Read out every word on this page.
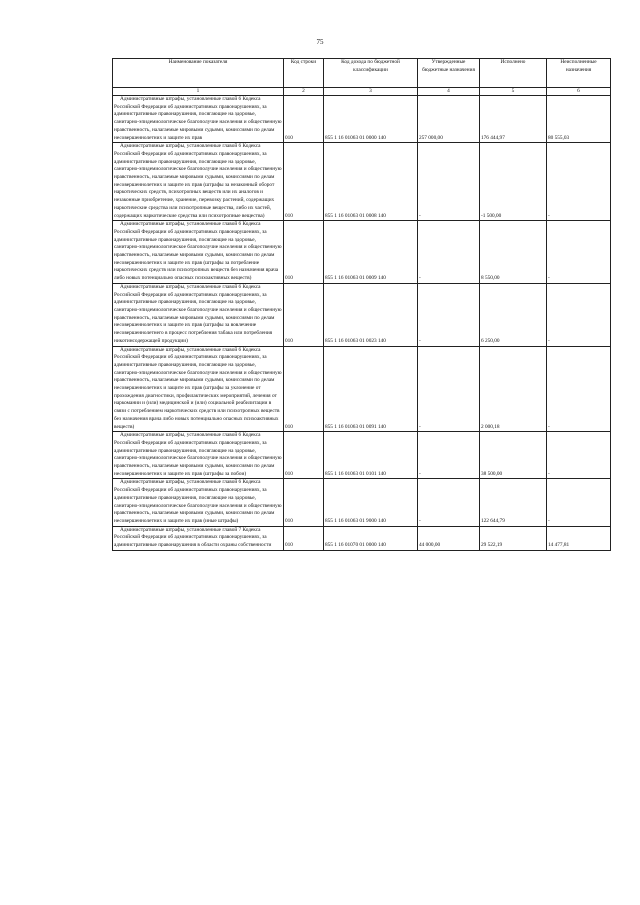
75
Наименование показателя	Код строки	Код дохода по бюджетной классификации	Утвержденные бюджетные назначения	Исполнено	Неисполненные назначения
1	2	3	4	5	6

Административные штрафы, установленные главой 6 Кодекса Российской Федерации об административных правонарушениях, за административные правонарушения, посягающие на здоровье, санитарно-эпидемиологическое благополучие населения и общественную нравственность, налагаемые мировыми судьями, комиссиями по делам несовершеннолетних и защите их прав	010	855 1 16 01063 01 0000 140	257 000,00	176 444,97	80 555,03

Административные штрафы, установленные главой 6 Кодекса Российской Федерации об административных правонарушениях, за административные правонарушения, посягающие на здоровье, санитарно-эпидемиологическое благополучие населения и общественную нравственность, налагаемые мировыми судьями, комиссиями по делам несовершеннолетних и защите их прав (штрафы за незаконный оборот наркотических средств, психотропных веществ или их аналогов и незаконные приобретение, хранение, перевозку растений, содержащих наркотические средства или психотропные вещества, либо их частей, содержащих наркотические средства или психотропные вещества)	010	855 1 16 01063 01 0008 140	-	-1 500,00	-

Административные штрафы, установленные главой 6 Кодекса Российской Федерации об административных правонарушениях, за административные правонарушения, посягающие на здоровье, санитарно-эпидемиологическое благополучие населения и общественную нравственность, налагаемые мировыми судьями, комиссиями по делам несовершеннолетних и защите их прав (штрафы за потребление наркотических средств или психотропных веществ без назначения врача либо новых потенциально опасных психоактивных веществ)	010	855 1 16 01063 01 0009 140	-	8 550,00	-

Административные штрафы, установленные главой 6 Кодекса Российской Федерации об административных правонарушениях, за административные правонарушения, посягающие на здоровье, санитарно-эпидемиологическое благополучие населения и общественную нравственность, налагаемые мировыми судьями, комиссиями по делам несовершеннолетних и защите их прав (штрафы за вовлечение несовершеннолетнего в процесс потребления табака или потребления никотинсодержащей продукции)	010	855 1 16 01063 01 0023 140	-	6 250,00	-

Административные штрафы, установленные главой 6 Кодекса Российской Федерации об административных правонарушениях, за административные правонарушения, посягающие на здоровье, санитарно-эпидемиологическое благополучие населения и общественную нравственность, налагаемые мировыми судьями, комиссиями по делам несовершеннолетних и защите их прав (штрафы за уклонение от прохождения диагностики, профилактических мероприятий, лечения от наркомании и (или) медицинской и (или) социальной реабилитации в связи с потреблением наркотических средств или психотропных веществ без назначения врача либо новых потенциально опасных психоактивных веществ)	010	855 1 16 01063 01 0091 140	-	2 000,18	-

Административные штрафы, установленные главой 6 Кодекса Российской Федерации об административных правонарушениях, за административные правонарушения, посягающие на здоровье, санитарно-эпидемиологическое благополучие населения и общественную нравственность, налагаемые мировыми судьями, комиссиями по делам несовершеннолетних и защите их прав (штрафы за побои)	010	855 1 16 01063 01 0101 140	-	38 500,00	-

Административные штрафы, установленные главой 6 Кодекса Российской Федерации об административных правонарушениях, за административные правонарушения, посягающие на здоровье, санитарно-эпидемиологическое благополучие населения и общественную нравственность, налагаемые мировыми судьями, комиссиями по делам несовершеннолетних и защите их прав (иные штрафы)	010	855 1 16 01063 01 9000 140	-	122 644,79	-

Административные штрафы, установленные главой 7 Кодекса Российской Федерации об административных правонарушениях, за административные правонарушения в области охраны собственности	010	855 1 16 01070 01 0000 140	44 000,00	29 522,19	14 477,81
